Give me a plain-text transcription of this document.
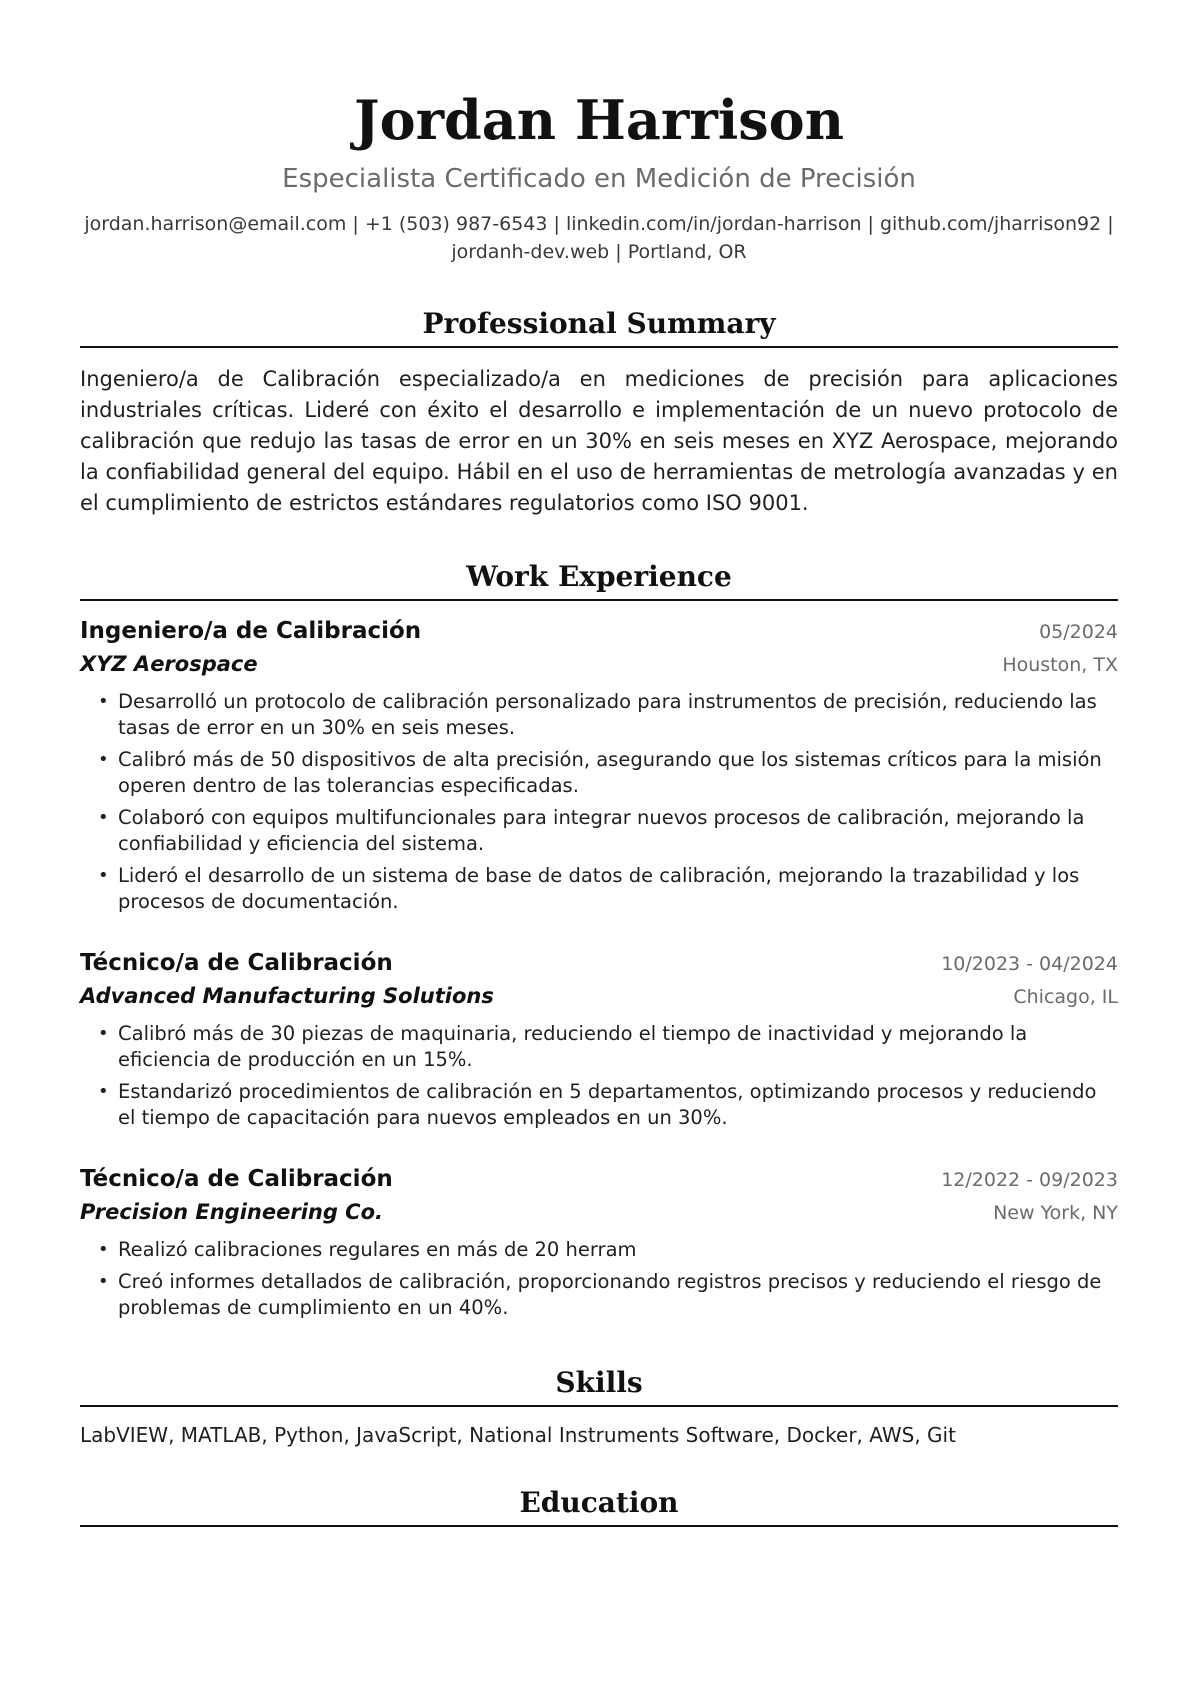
Jordan Harrison
Especialista Certificado en Medición de Precisión
jordan.harrison@email.com | +1 (503) 987-6543 | linkedin.com/in/jordan-harrison | github.com/jharrison92 |
jordanh-dev.web | Portland, OR
Professional Summary
Ingeniero/a de Calibración especializado/a en mediciones de precisión para aplicaciones industriales críticas. Lideré con éxito el desarrollo e implementación de un nuevo protocolo de calibración que redujo las tasas de error en un 30% en seis meses en XYZ Aerospace, mejorando la confiabilidad general del equipo. Hábil en el uso de herramientas de metrología avanzadas y en el cumplimiento de estrictos estándares regulatorios como ISO 9001.
Work Experience
Ingeniero/a de Calibración	05/2024
XYZ Aerospace	Houston, TX
• Desarrolló un protocolo de calibración personalizado para instrumentos de precisión, reduciendo las tasas de error en un 30% en seis meses.
• Calibró más de 50 dispositivos de alta precisión, asegurando que los sistemas críticos para la misión operen dentro de las tolerancias especificadas.
• Colaboró con equipos multifuncionales para integrar nuevos procesos de calibración, mejorando la confiabilidad y eficiencia del sistema.
• Lideró el desarrollo de un sistema de base de datos de calibración, mejorando la trazabilidad y los procesos de documentación.
Técnico/a de Calibración	10/2023 - 04/2024
Advanced Manufacturing Solutions	Chicago, IL
• Calibró más de 30 piezas de maquinaria, reduciendo el tiempo de inactividad y mejorando la eficiencia de producción en un 15%.
• Estandarizó procedimientos de calibración en 5 departamentos, optimizando procesos y reduciendo el tiempo de capacitación para nuevos empleados en un 30%.
Técnico/a de Calibración	12/2022 - 09/2023
Precision Engineering Co.	New York, NY
• Realizó calibraciones regulares en más de 20 herram
• Creó informes detallados de calibración, proporcionando registros precisos y reduciendo el riesgo de problemas de cumplimiento en un 40%.
Skills
LabVIEW, MATLAB, Python, JavaScript, National Instruments Software, Docker, AWS, Git
Education
